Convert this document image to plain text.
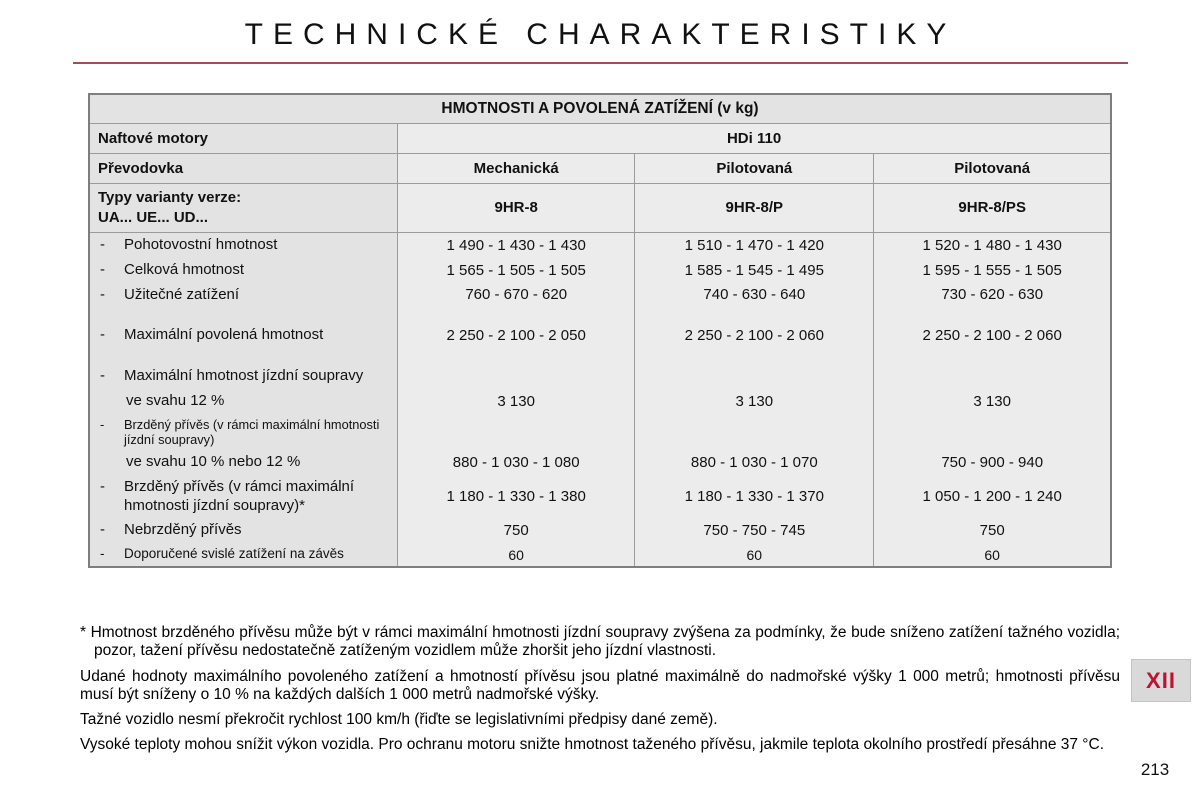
TECHNICKÉ CHARAKTERISTIKY
HMOTNOSTI A POVOLENÁ ZATÍŽENÍ (v kg)			
Naftové motory	HDi 110		
Převodovka	Mechanická	Pilotovaná	Pilotovaná

Typy varianty verze:
UA... UE... UD...	9HR-8	9HR-8/P	9HR-8/PS

- Pohotovostní hmotnost	1 490 - 1 430 - 1 430	1 510 - 1 470 - 1 420	1 520 - 1 480 - 1 430

- Celková hmotnost	1 565 - 1 505 - 1 505	1 585 - 1 545 - 1 495	1 595 - 1 555 - 1 505

- Užitečné zatížení	760 - 670 - 620	740 - 630 - 640	730 - 620 - 630

- Maximální povolená hmotnost	2 250 - 2 100 - 2 050	2 250 - 2 100 - 2 060	2 250 - 2 100 - 2 060

- Maximální hmotnost jízdní soupravy			

ve svahu 12 %	3 130	3 130	3 130

- Brzděný přívěs (v rámci maximální hmotnosti jízdní soupravy)			

ve svahu 10 % nebo 12 %	880 - 1 030 - 1 080	880 - 1 030 - 1 070	750 - 900 - 940

- Brzděný přívěs (v rámci maximální hmotnosti jízdní soupravy)*	1 180 - 1 330 - 1 380	1 180 - 1 330 - 1 370	1 050 - 1 200 - 1 240

- Nebrzděný přívěs	750	750 - 750 - 745	750

- Doporučené svislé zatížení na závěs	60	60	60

* Hmotnost brzděného přívěsu může být v rámci maximální hmotnosti jízdní soupravy zvýšena za podmínky, že bude sníženo zatížení tažného vozidla; pozor, tažení přívěsu nedostatečně zatíženým vozidlem může zhoršit jeho jízdní vlastnosti.

Udané hodnoty maximálního povoleného zatížení a hmotností přívěsu jsou platné maximálně do nadmořské výšky 1 000 metrů; hmotnosti přívěsu musí být sníženy o 10 % na každých dalších 1 000 metrů nadmořské výšky.

Tažné vozidlo nesmí překročit rychlost 100 km/h (řiďte se legislativními předpisy dané země).

Vysoké teploty mohou snížit výkon vozidla. Pro ochranu motoru snižte hmotnost taženého přívěsu, jakmile teplota okolního prostředí přesáhne 37 °C.

XII
213
